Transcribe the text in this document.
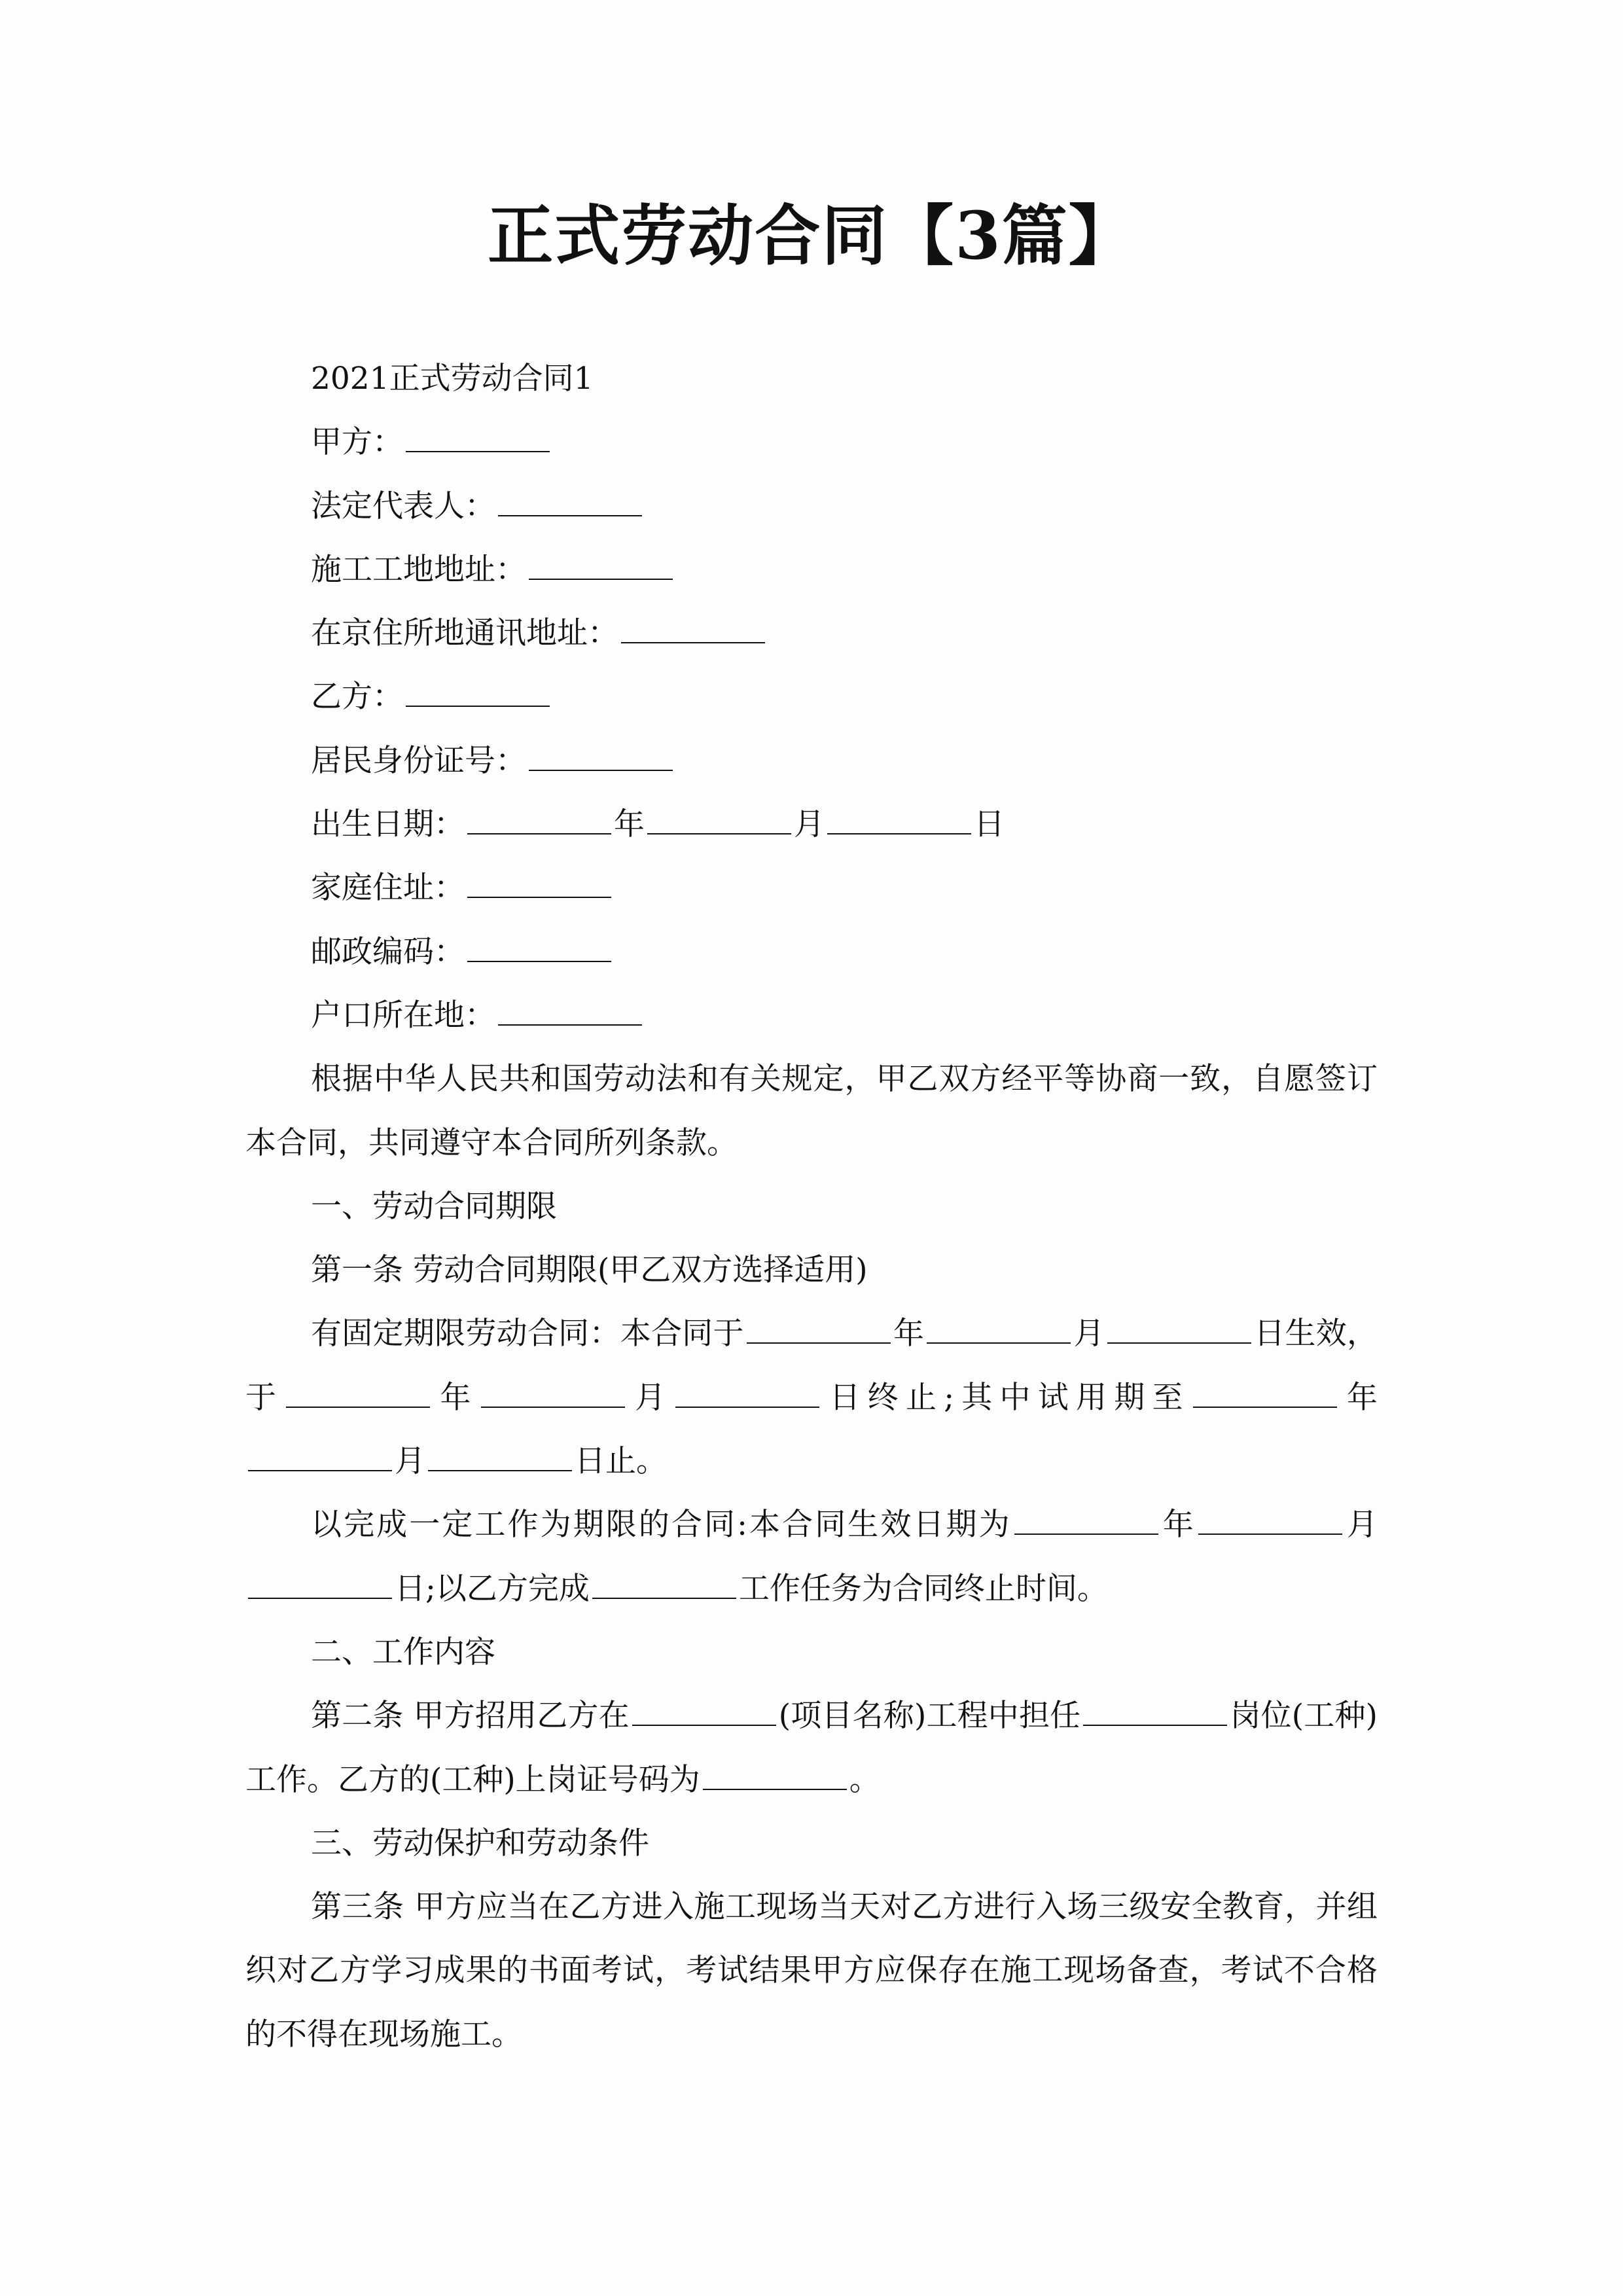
正式劳动合同【3篇】

2021正式劳动合同1

甲方：

法定代表人：

施工工地地址：

在京住所地通讯地址：

乙方：

居民身份证号：

出生日期：	年	月	日

家庭住址：

邮政编码：

户口所在地：

根据中华人民共和国劳动法和有关规定，甲乙双方经平等协商一致，自愿签订本合同，共同遵守本合同所列条款。

一、劳动合同期限

第一条 劳动合同期限(甲乙双方选择适用)

有固定期限劳动合同：本合同于	年	月	日生效，于	年	月	日终止;其中试用期至	年月	日止。

以完成一定工作为期限的合同:本合同生效日期为	年	月日;以乙方完成	工作任务为合同终止时间。

二、工作内容

第二条 甲方招用乙方在	(项目名称)工程中担任	岗位(工种)工作。乙方的(工种)上岗证号码为	。

三、劳动保护和劳动条件

第三条 甲方应当在乙方进入施工现场当天对乙方进行入场三级安全教育，并组织对乙方学习成果的书面考试，考试结果甲方应保存在施工现场备查，考试不合格的不得在现场施工。
